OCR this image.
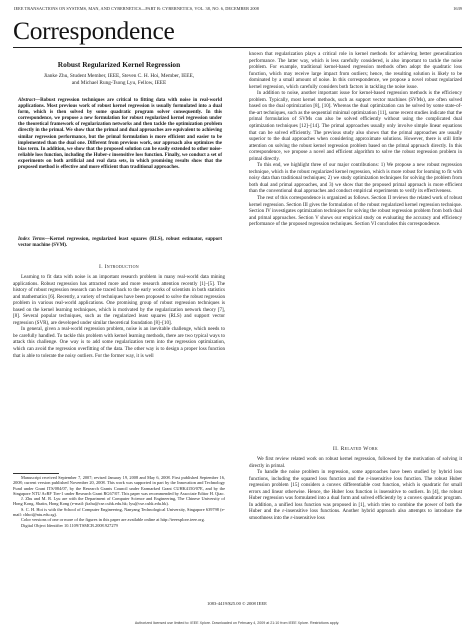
IEEE TRANSACTIONS ON SYSTEMS, MAN, AND CYBERNETICS—PART B: CYBERNETICS, VOL. 38, NO. 6, DECEMBER 2008	1639
Correspondence
Robust Regularized Kernel Regression
Jianke Zhu, Student Member, IEEE, Steven C. H. Hoi, Member, IEEE,
and Michael Rung-Tsong Lyu, Fellow, IEEE
Abstract—Robust regression techniques are critical to fitting data with noise in real-world applications. Most previous work of robust kernel regression is usually formulated into a dual form, which is then solved by some quadratic program solver consequently. In this correspondence, we propose a new formulation for robust regularized kernel regression under the theoretical framework of regularization networks and then tackle the optimization problem directly in the primal. We show that the primal and dual approaches are equivalent to achieving similar regression performance, but the primal formulation is more efficient and easier to be implemented than the dual one. Different from previous work, our approach also optimizes the bias term. In addition, we show that the proposed solution can be easily extended to other noise-reliable loss function, including the Huber-ε insensitive loss function. Finally, we conduct a set of experiments on both artificial and real data sets, in which promising results show that the proposed method is effective and more efficient than traditional approaches.
Index Terms—Kernel regression, regularized least squares (RLS), robust estimator, support vector machine (SVM).
I. Introduction

Learning to fit data with noise is an important research problem in many real-world data mining applications. Robust regression has attracted more and more research attention recently [1]–[5]. The history of robust regression research can be traced back to the early works of scientists in both statistics and mathematics [6]. Recently, a variety of techniques have been proposed to solve the robust regression problem in various real-world applications. One promising group of robust regression techniques is based on the kernel learning techniques, which is motivated by the regularization network theory [7], [8]. Several popular techniques, such as the regularized least squares (RLS) and support vector regression (SVR), are developed under similar theoretical foundation [8]–[10].

In general, given a real-world regression problem, noise is an inevitable challenge, which needs to be carefully handled. To tackle this problem with kernel learning methods, there are two typical ways to attack this challenge. One way is to add some regularization term into the regression optimization, which can avoid the regression overfitting of the data. The other way is to design a proper loss function that is able to tolerate the noisy outliers. For the former way, it is well

Manuscript received September 7, 2007; revised January 19, 2008 and May 6, 2008. First published September 16, 2008; current version published November 20, 2008. This work was supported in part by the Innovation and Technology Fund under Grant ITS/084/07, by the Research Grants Council under Earmarked Grant CUHK4150/07E, and by the Singapore NTU AcRF Tier-1 under Research Grant RG67/07. This paper was recommended by Associate Editor H. Qiao.

J. Zhu and M. R. Lyu are with the Department of Computer Science and Engineering, The Chinese University of Hong Kong, Shatin, Hong Kong (e-mail: jkzhu@cse.cuhk.edu.hk; lyu@cse.cuhk.edu.hk).

S. C. H. Hoi is with the School of Computer Engineering, Nanyang Technological University, Singapore 639798 (e-mail: chhoi@ntu.edu.sg).

Color versions of one or more of the figures in this paper are available online at http://ieeexplore.ieee.org.

Digital Object Identifier 10.1109/TSMCB.2008.927279

known that regularization plays a critical role in kernel methods for achieving better generalization performance. The latter way, which is less carefully considered, is also important to tackle the noise problem. For example, traditional kernel-based regression methods often adopt the quadratic loss function, which may receive large impact from outliers; hence, the resulting solution is likely to be dominated by a small amount of noise. In this correspondence, we propose a novel robust regularized kernel regression, which carefully considers both factors in tackling the noise issue.

In addition to noise, another important issue for kernel-based regression methods is the efficiency problem. Typically, most kernel methods, such as support vector machines (SVMs), are often solved based on the dual optimization [8], [10]. Whereas the dual optimization can be solved by some state-of-the-art techniques, such as the sequential minimal optimization [11], some recent studies indicate that the primal formulation of SVMs can also be solved efficiently without using the complicated dual optimization techniques [12]–[14]. The primal approaches usually only involve simple linear equations that can be solved efficiently. The previous study also shows that the primal approaches are usually superior to the dual approaches when considering approximate solutions. However, there is still little attention on solving the robust kernel regression problem based on the primal approach directly. In this correspondence, we propose a novel and efficient algorithm to solve the robust regression problem in primal directly.

To this end, we highlight three of our major contributions: 1) We propose a new robust regression technique, which is the robust regularized kernel regression, which is more robust for learning to fit with noisy data than traditional techniques; 2) we study optimization techniques for solving the problem from both dual and primal approaches, and 3) we show that the proposed primal approach is more efficient than the conventional dual approaches and conduct empirical experiments to verify its effectiveness.

The rest of this correspondence is organized as follows. Section II reviews the related work of robust kernel regression. Section III gives the formulation of the robust regularized kernel regression technique. Section IV investigates optimization techniques for solving the robust regression problem from both dual and primal approaches. Section V shows our empirical study on evaluating the accuracy and efficiency performance of the proposed regression techniques. Section VI concludes this correspondence.

II. Related Work

We first review related work on robust kernel regression, followed by the motivation of solving it directly in primal.

To handle the noise problem in regression, some approaches have been studied by hybrid loss functions, including the squared loss function and the ε-insensitive loss function. The robust Huber regression problem [15] considers a convex differentiable cost function, which is quadratic for small errors and linear otherwise. Hence, the Huber loss function is insensitive to outliers. In [4], the robust Huber regression was formulated into a dual form and solved efficiently by a convex quadratic program. In addition, a unified loss function was proposed in [1], which tries to combine the power of both the Huber and the ε-insensitive loss functions. Another hybrid approach also attempts to introduce the smoothness into the ε-insensitive loss

1083-4419/$25.00 © 2008 IEEE
Authorized licensed use limited to: IEEE Xplore. Downloaded on February 4, 2009 at 21:10 from IEEE Xplore. Restrictions apply.
